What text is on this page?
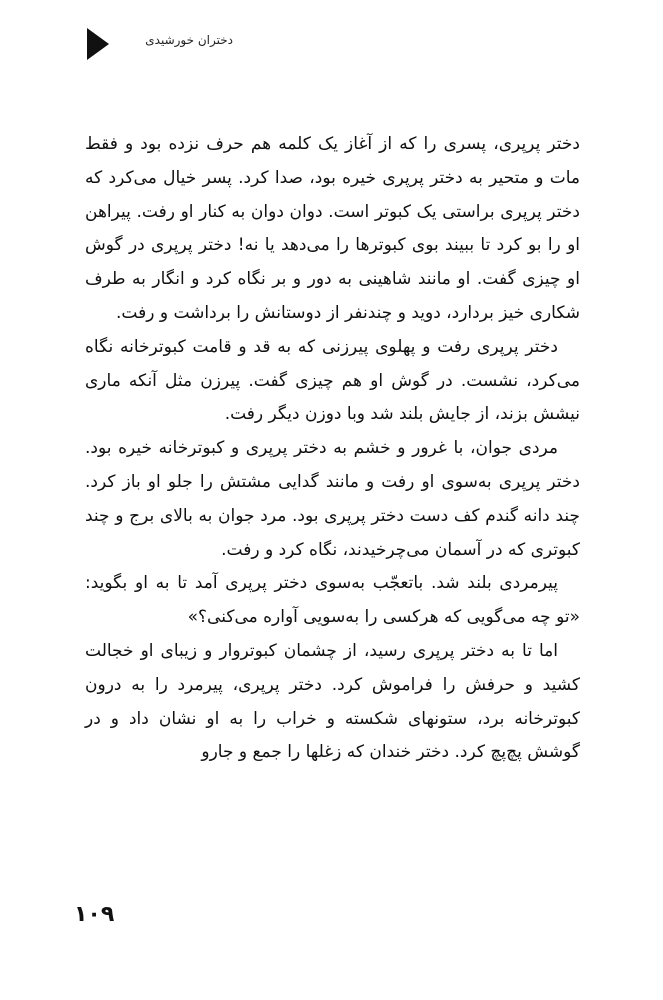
دختران خورشیدی

دختر پرپری، پسری را که از آغاز یک کلمه هم حرف نزده بود و فقط مات و متحیر به دختر پرپری خیره بود، صدا کرد. پسر خیال می‌کرد که دختر پرپری براستی یک کبوتر است. دوان دوان به کنار او رفت. پیراهن او را بو کرد تا ببیند بوی کبوترها را می‌دهد یا نه! دختر پرپری در گوش او چیزی گفت. او مانند شاهینی به دور و بر نگاه کرد و انگار به طرف شکاری خیز بردارد، دوید و چندنفر از دوستانش را برداشت و رفت.

دختر پرپری رفت و پهلوی پیرزنی که به قد و قامت کبوترخانه نگاه می‌کرد، نشست. در گوش او هم چیزی گفت. پیرزن مثل آنکه ماری نیشش بزند، از جایش بلند شد وبا دوزن دیگر رفت.

مردی جوان، با غرور و خشم به دختر پرپری و کبوترخانه خیره بود. دختر پرپری به‌سوی او رفت و مانند گدایی مشتش را جلو او باز کرد. چند دانه گندم کف دست دختر پرپری بود. مرد جوان به بالای برج و چند کبوتری که در آسمان می‌چرخیدند، نگاه کرد و رفت.

پیرمردی بلند شد. باتعجّب به‌سوی دختر پرپری آمد تا به او بگوید: «تو چه می‌گویی که هرکسی را به‌سویی آواره می‌کنی؟»

اما تا به دختر پرپری رسید، از چشمان کبوتروار و زیبای او خجالت کشید و حرفش را فراموش کرد. دختر پرپری، پیرمرد را به درون کبوترخانه برد، ستونهای شکسته و خراب را به او نشان داد و در گوشش پچ‌پچ کرد. دختر خندان که زغلها را جمع و جارو

۱۰۹
